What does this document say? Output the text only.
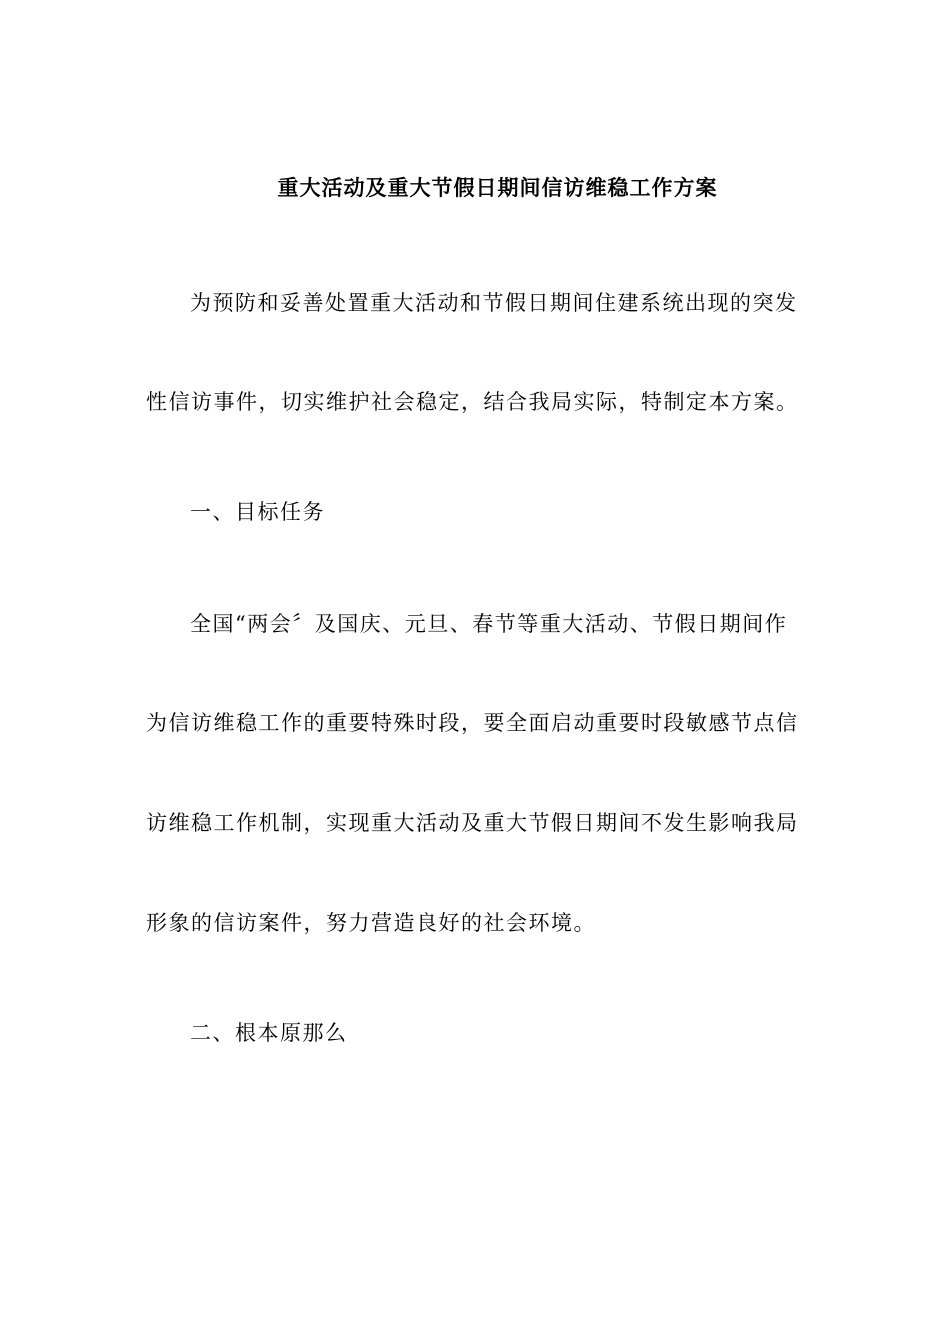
重大活动及重大节假日期间信访维稳工作方案

为预防和妥善处置重大活动和节假日期间住建系统出现的突发

性信访事件，切实维护社会稳定，结合我局实际，特制定本方案。

一、目标任务

全国“两会〞及国庆、元旦、春节等重大活动、节假日期间作

为信访维稳工作的重要特殊时段，要全面启动重要时段敏感节点信

访维稳工作机制，实现重大活动及重大节假日期间不发生影响我局

形象的信访案件，努力营造良好的社会环境。

二、根本原那么
